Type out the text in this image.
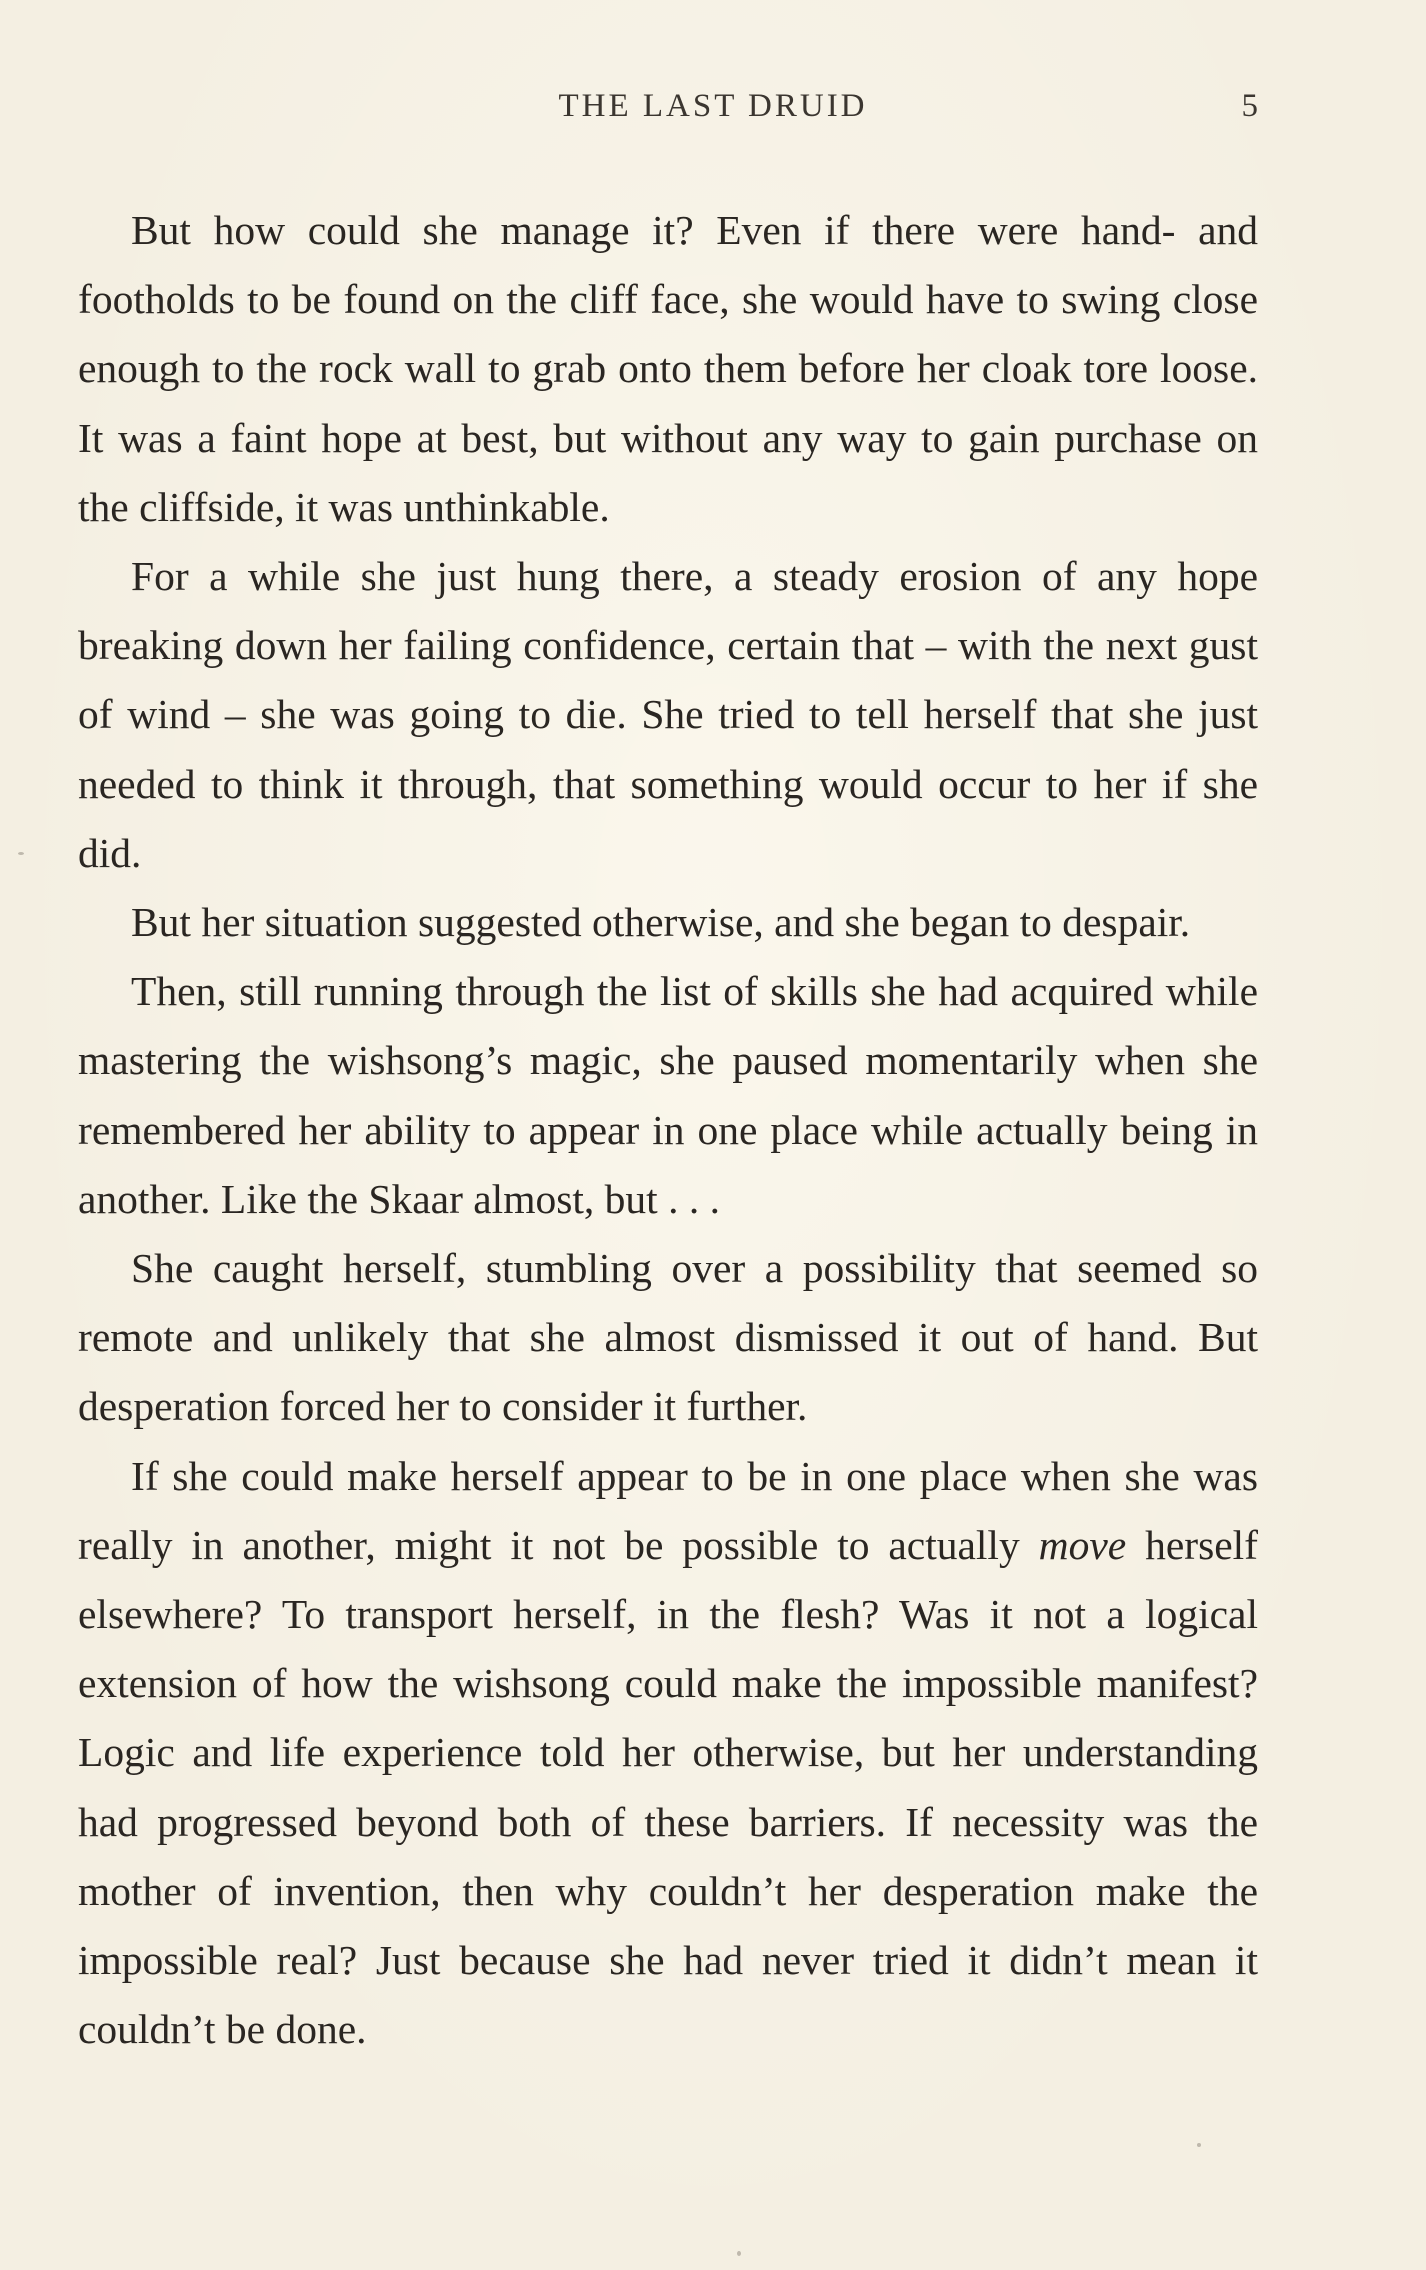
THE LAST DRUID	5

But how could she manage it? Even if there were hand- and footholds to be found on the cliff face, she would have to swing close enough to the rock wall to grab onto them before her cloak tore loose. It was a faint hope at best, but without any way to gain purchase on the cliffside, it was unthinkable.

For a while she just hung there, a steady erosion of any hope breaking down her failing confidence, certain that – with the next gust of wind – she was going to die. She tried to tell herself that she just needed to think it through, that something would occur to her if she did.

But her situation suggested otherwise, and she began to despair.

Then, still running through the list of skills she had acquired while mastering the wishsong’s magic, she paused momentarily when she remembered her ability to appear in one place while actually being in another. Like the Skaar almost, but . . .

She caught herself, stumbling over a possibility that seemed so remote and unlikely that she almost dismissed it out of hand. But desperation forced her to consider it further.

If she could make herself appear to be in one place when she was really in another, might it not be possible to actually move herself elsewhere? To transport herself, in the flesh? Was it not a logical extension of how the wishsong could make the impossible manifest? Logic and life experience told her otherwise, but her understanding had progressed beyond both of these barriers. If necessity was the mother of invention, then why couldn’t her desperation make the impossible real? Just because she had never tried it didn’t mean it couldn’t be done.
